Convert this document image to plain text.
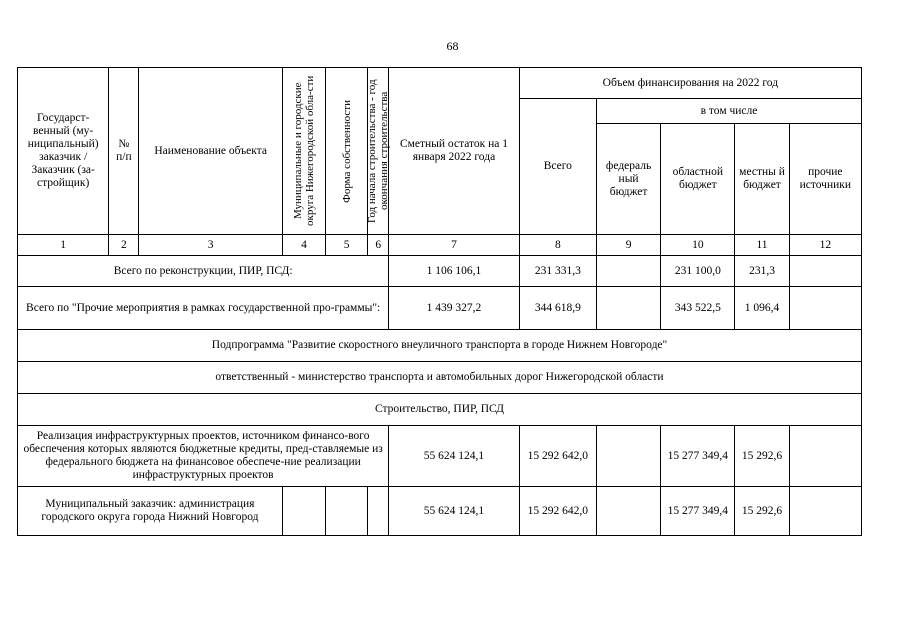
68
Государст-венный (му-ниципальный) заказчик / Заказчик (за-стройщик)	№ п/п	Наименование объекта	Муниципальные и городские округа Нижегородской обла-сти	Форма собственности	Год начала строительства - год окончания строительства	Сметный остаток на 1 января 2022 года	Объем финансирования на 2022 год				
							Всего	в том числе			
								федераль ный бюджет	областной бюджет	местны й бюджет	прочие источники
1	2	3	4	5	6	7	8	9	10	11	12
Всего по реконструкции, ПИР, ПСД:						1 106 106,1	231 331,3		231 100,0	231,3	
Всего по "Прочие мероприятия в рамках государственной про-граммы":						1 439 327,2	344 618,9		343 522,5	1 096,4	
Подпрограмма "Развитие скоростного внеуличного транспорта в городе Нижнем Новгороде"											
ответственный - министерство транспорта и автомобильных дорог Нижегородской области											
Строительство, ПИР, ПСД											
Реализация инфраструктурных проектов, источником финансо-вого обеспечения которых являются бюджетные кредиты, пред-ставляемые из федерального бюджета на финансовое обеспече-ние реализации инфраструктурных проектов						55 624 124,1	15 292 642,0		15 277 349,4	15 292,6	
Муниципальный заказчик: администрация городского округа города Нижний Новгород						55 624 124,1	15 292 642,0		15 277 349,4	15 292,6	
